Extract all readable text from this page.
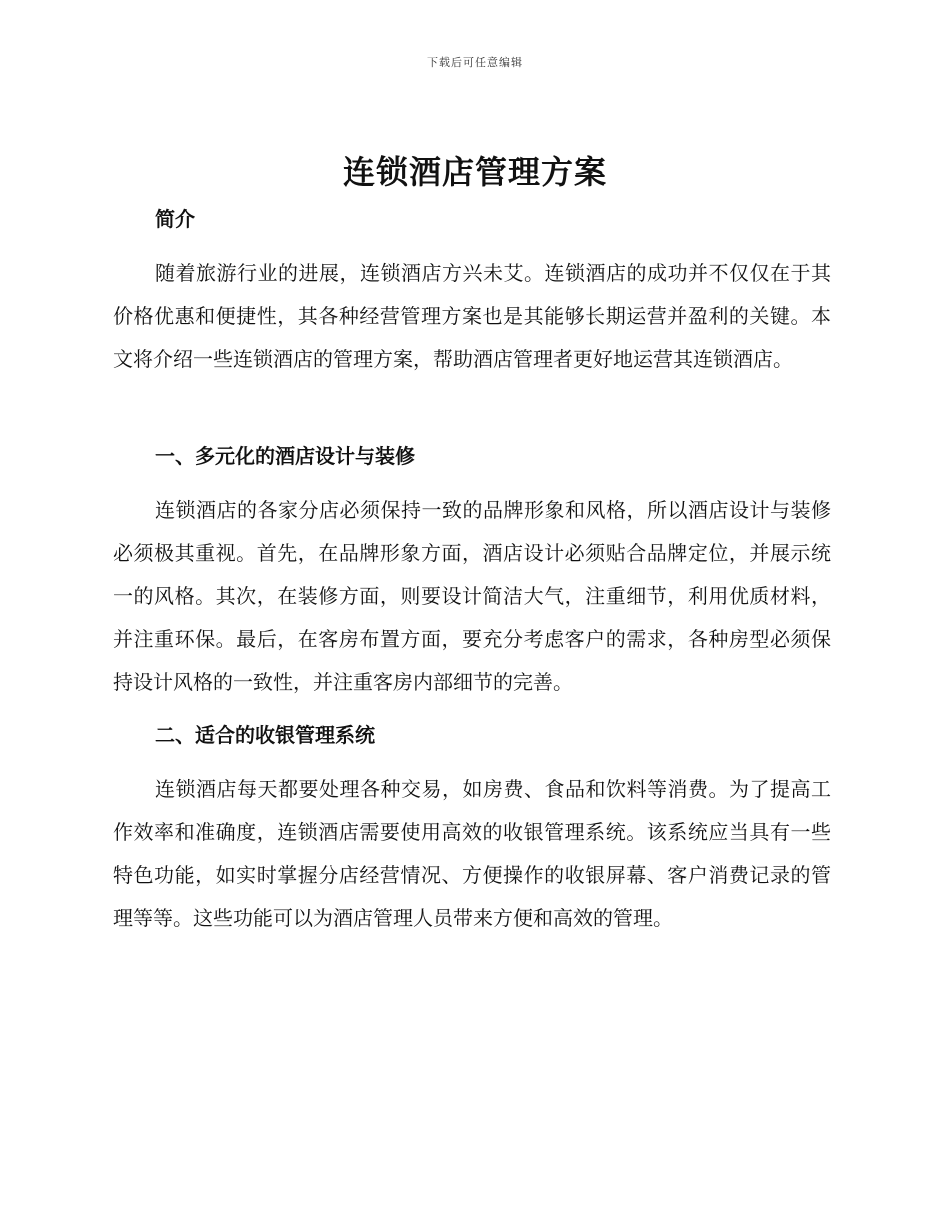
下载后可任意编辑
连锁酒店管理方案
简介

随着旅游行业的进展，连锁酒店方兴未艾。连锁酒店的成功并不仅仅在于其价格优惠和便捷性，其各种经营管理方案也是其能够长期运营并盈利的关键。本文将介绍一些连锁酒店的管理方案，帮助酒店管理者更好地运营其连锁酒店。

一、多元化的酒店设计与装修

连锁酒店的各家分店必须保持一致的品牌形象和风格，所以酒店设计与装修必须极其重视。首先，在品牌形象方面，酒店设计必须贴合品牌定位，并展示统一的风格。其次，在装修方面，则要设计简洁大气，注重细节，利用优质材料，并注重环保。最后，在客房布置方面，要充分考虑客户的需求，各种房型必须保持设计风格的一致性，并注重客房内部细节的完善。

二、适合的收银管理系统

连锁酒店每天都要处理各种交易，如房费、食品和饮料等消费。为了提高工作效率和准确度，连锁酒店需要使用高效的收银管理系统。该系统应当具有一些特色功能，如实时掌握分店经营情况、方便操作的收银屏幕、客户消费记录的管理等等。这些功能可以为酒店管理人员带来方便和高效的管理。
